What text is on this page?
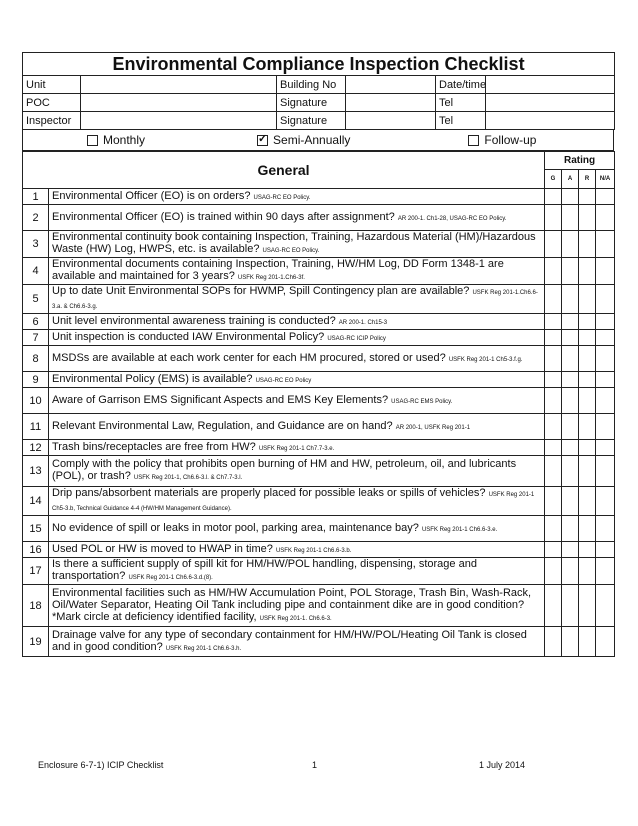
Environmental Compliance Inspection Checklist					
Unit		Building No		Date/time	
POC		Signature		Tel	
Inspector		Signature		Tel	
Monthly ✓	Semi-Annually	Follow-up
General		Rating			
		G	A	R	N/A
1	Environmental Officer (EO) is on orders? USAG-RC EO Policy.				
2	Environmental Officer (EO) is trained within 90 days after assignment? AR 200-1. Ch1-28, USAG-RC EO Policy.				
3	Environmental continuity book containing Inspection, Training, Hazardous Material (HM)/Hazardous Waste (HW) Log, HWPS, etc. is available? USAG-RC EO Policy.				
4	Environmental documents containing Inspection, Training, HW/HM Log, DD Form 1348-1 are available and maintained for 3 years? USFK Reg 201-1.Ch6-3f.				
5	Up to date Unit Environmental SOPs for HWMP, Spill Contingency plan are available? USFK Reg 201-1.Ch6.6-3.a. & Ch6.6-3.g.				
6	Unit level environmental awareness training is conducted? AR 200-1. Ch15-3				
7	Unit inspection is conducted IAW Environmental Policy? USAG-RC ICIP Policy				
8	MSDSs are available at each work center for each HM procured, stored or used? USFK Reg 201-1 Ch5-3.f.g.				
9	Environmental Policy (EMS) is available? USAG-RC EO Policy				
10	Aware of Garrison EMS Significant Aspects and EMS Key Elements? USAG-RC EMS Policy.				
11	Relevant Environmental Law, Regulation, and Guidance are on hand? AR 200-1, USFK Reg 201-1				
12	Trash bins/receptacles are free from HW? USFK Reg 201-1 Ch7.7-3.e.				
13	Comply with the policy that prohibits open burning of HM and HW, petroleum, oil, and lubricants (POL), or trash? USFK Reg 201-1, Ch6.6-3.l. & Ch7.7-3.l.				
14	Drip pans/absorbent materials are properly placed for possible leaks or spills of vehicles? USFK Reg 201-1 Ch5-3.b, Technical Guidance 4-4 (HW/HM Management Guidance).				
15	No evidence of spill or leaks in motor pool, parking area, maintenance bay? USFK Reg 201-1 Ch6.6-3.e.				
16	Used POL or HW is moved to HWAP in time? USFK Reg 201-1 Ch6.6-3.b.				
17	Is there a sufficient supply of spill kit for HM/HW/POL handling, dispensing, storage and transportation? USFK Reg 201-1 Ch6.6-3.d.(8).				
18	Environmental facilities such as HM/HW Accumulation Point, POL Storage, Trash Bin, Wash-Rack, Oil/Water Separator, Heating Oil Tank including pipe and containment dike are in good condition? *Mark circle at deficiency identified facility, USFK Reg 201-1. Ch6.6-3.				
19	Drainage valve for any type of secondary containment for HM/HW/POL/Heating Oil Tank is closed and in good condition? USFK Reg 201-1 Ch6.6-3.h.				
Enclosure 6-7-1) ICIP Checklist	1	1 July 2014
